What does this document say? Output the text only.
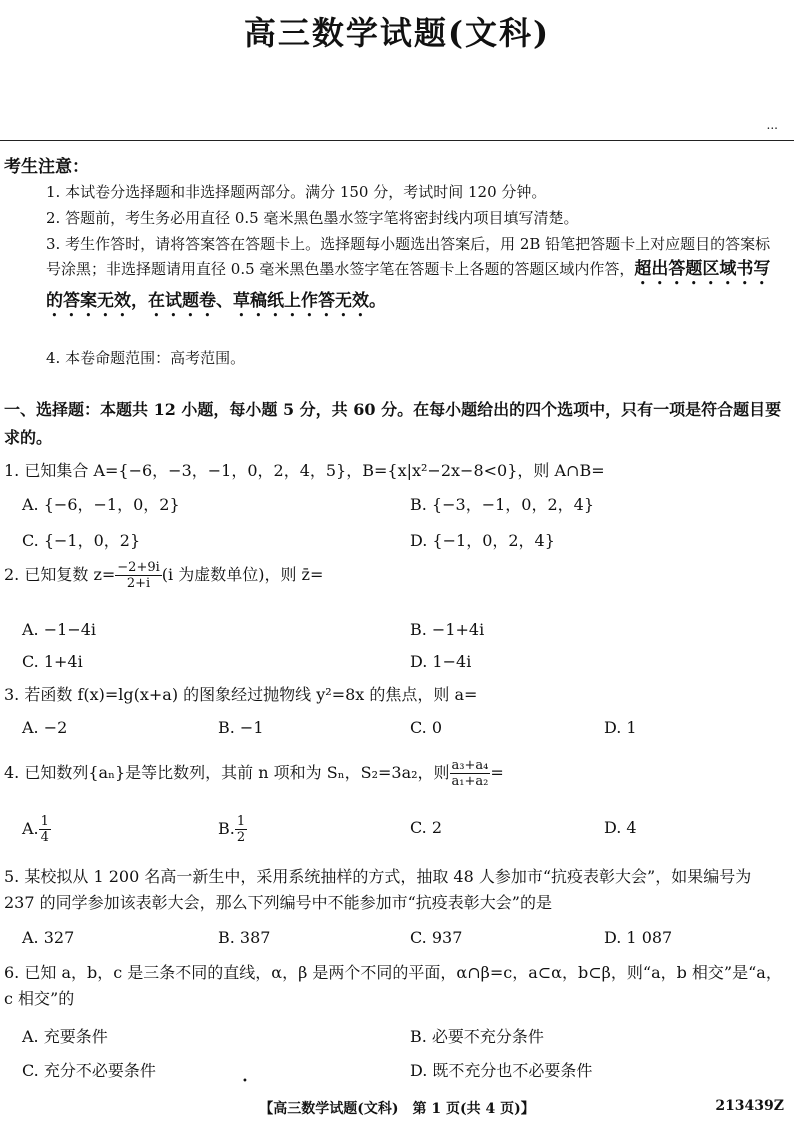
高三数学试题(文科)
...
考生注意：
1. 本试卷分选择题和非选择题两部分。满分 150 分，考试时间 120 分钟。
2. 答题前，考生务必用直径 0.5 毫米黑色墨水签字笔将密封线内项目填写清楚。
3. 考生作答时，请将答案答在答题卡上。选择题每小题选出答案后，用 2B 铅笔把答题卡上对应题目的答案标号涂黑；非选择题请用直径 0.5 毫米黑色墨水签字笔在答题卡上各题的答题区域内作答，超出答题区域书写的答案无效，在试题卷、草稿纸上作答无效。
4. 本卷命题范围：高考范围。
一、选择题：本题共 12 小题，每小题 5 分，共 60 分。在每小题给出的四个选项中，只有一项是符合题目要求的。
1. 已知集合 A={−6，−3，−1，0，2，4，5}，B={x|x²−2x−8<0}，则 A∩B=
A. {−6，−1，0，2}	B. {−3，−1，0，2，4}
C. {−1，0，2}	D. {−1，0，2，4}
2. 已知复数 $z= \frac{-2+9i}{2+i} (i$ 为虚数单位)，则 z̄=
A. −1−4i	B. −1+4i
C. 1+4i	D. 1−4i
3. 若函数 f(x)=lg(x+a) 的图象经过抛物线 y²=8x 的焦点，则 a=
A. −2	B. −1	C. 0	D. 1
4. 已知数列{aₙ}是等比数列，其前 n 项和为 Sₙ，S₂=3a₂，则 $\frac{\text{a₃+a₄}}{\text{a₁+a₂}}$ =
A. $\frac{1}{4}$	B. $\frac{1}{2}$	C. 2	D. 4
5. 某校拟从 1 200 名高一新生中，采用系统抽样的方式，抽取 48 人参加市“抗疫表彰大会”，如果编号为 237 的同学参加该表彰大会，那么下列编号中不能参加市“抗疫表彰大会”的是
A. 327	B. 387	C. 937	D. 1 087
6. 已知 a，b，c 是三条不同的直线，α，β 是两个不同的平面，α∩β=c，a⊂α，b⊂β，则“a，b 相交”是“a，c 相交”的
A. 充要条件	B. 必要不充分条件
C. 充分不必要条件	D. 既不充分也不必要条件
•
【高三数学试题(文科)　第 1 页(共 4 页)】	213439Z
